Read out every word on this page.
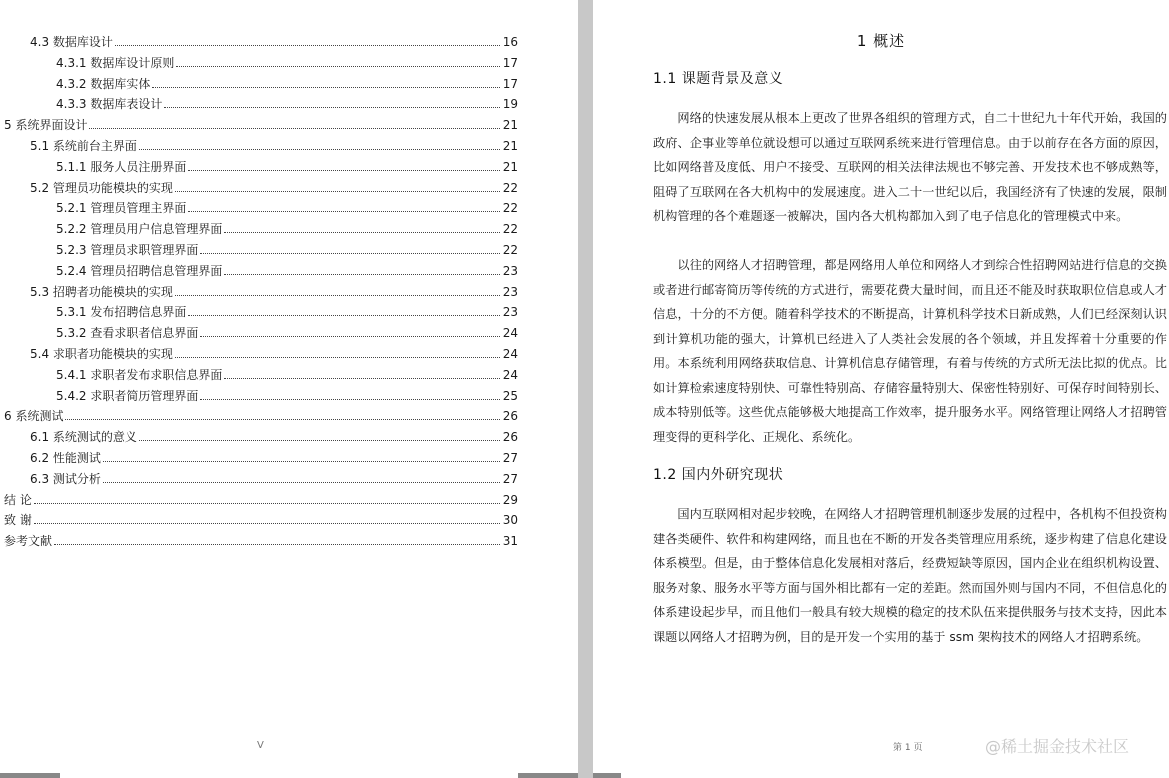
4.3 数据库设计	16
4.3.1 数据库设计原则	17
4.3.2 数据库实体	17
4.3.3 数据库表设计	19
5 系统界面设计	21
5.1 系统前台主界面	21
5.1.1 服务人员注册界面	21
5.2 管理员功能模块的实现	22
5.2.1 管理员管理主界面	22
5.2.2 管理员用户信息管理界面	22
5.2.3 管理员求职管理界面	22
5.2.4 管理员招聘信息管理界面	23
5.3 招聘者功能模块的实现	23
5.3.1 发布招聘信息界面	23
5.3.2 查看求职者信息界面	24
5.4 求职者功能模块的实现	24
5.4.1 求职者发布求职信息界面	24
5.4.2 求职者简历管理界面	25
6 系统测试	26
6.1 系统测试的意义	26
6.2 性能测试	27
6.3 测试分析	27
结 论	29
致 谢	30
参考文献	31
V
1 概述
1.1 课题背景及意义
网络的快速发展从根本上更改了世界各组织的管理方式，自二十世纪九十年代开始，我国的政府、企事业等单位就设想可以通过互联网系统来进行管理信息。由于以前存在各方面的原因，比如网络普及度低、用户不接受、互联网的相关法律法规也不够完善、开发技术也不够成熟等，阻碍了互联网在各大机构中的发展速度。进入二十一世纪以后，我国经济有了快速的发展，限制机构管理的各个难题逐一被解决，国内各大机构都加入到了电子信息化的管理模式中来。
以往的网络人才招聘管理，都是网络用人单位和网络人才到综合性招聘网站进行信息的交换或者进行邮寄简历等传统的方式进行，需要花费大量时间，而且还不能及时获取职位信息或人才信息，十分的不方便。随着科学技术的不断提高，计算机科学技术日新成熟，人们已经深刻认识到计算机功能的强大，计算机已经进入了人类社会发展的各个领域，并且发挥着十分重要的作用。本系统利用网络获取信息、计算机信息存储管理，有着与传统的方式所无法比拟的优点。比如计算检索速度特别快、可靠性特别高、存储容量特别大、保密性特别好、可保存时间特别长、成本特别低等。这些优点能够极大地提高工作效率，提升服务水平。网络管理让网络人才招聘管理变得的更科学化、正规化、系统化。
1.2 国内外研究现状
国内互联网相对起步较晚，在网络人才招聘管理机制逐步发展的过程中，各机构不但投资构建各类硬件、软件和构建网络，而且也在不断的开发各类管理应用系统，逐步构建了信息化建设体系模型。但是，由于整体信息化发展相对落后，经费短缺等原因，国内企业在组织机构设置、服务对象、服务水平等方面与国外相比都有一定的差距。然而国外则与国内不同，不但信息化的体系建设起步早，而且他们一般具有较大规模的稳定的技术队伍来提供服务与技术支持，因此本课题以网络人才招聘为例，目的是开发一个实用的基于 ssm 架构技术的网络人才招聘系统。
第 1 页	@稀土掘金技术社区
